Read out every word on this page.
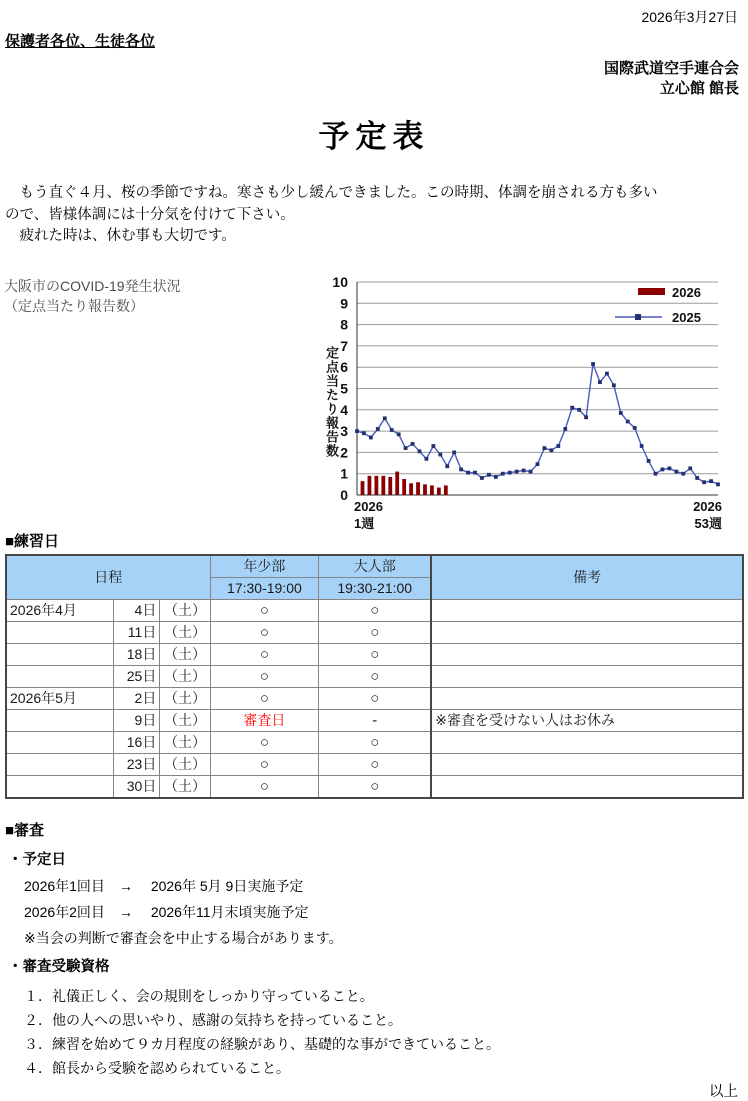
2026年3月27日
保護者各位、生徒各位
国際武道空手連合会
立心館 館長
予定表
　もう直ぐ４月、桜の季節ですね。寒さも少し緩んできました。この時期、体調を崩される方も多い
ので、皆様体調には十分気を付けて下さい。
　疲れた時は、休む事も大切です。
大阪市のCOVID-19発生状況
（定点当たり報告数）
定点当たり報告数
0
1
2
3
4
5
6
7
8
9
10
2026
1週
2026
53週
2026
2025
■練習日
日程			年少部	大人部	備考
			17:30-19:00	19:30-21:00	
2026年4月	4日	（土）	○	○	
	11日	（土）	○	○	
	18日	（土）	○	○	
	25日	（土）	○	○	
2026年5月	2日	（土）	○	○	
	9日	（土）	審査日	-	※審査を受けない人はお休み
	16日	（土）	○	○	
	23日	（土）	○	○	
	30日	（土）	○	○	
■審査
・予定日
2026年1回目　→　 2026年 5月 9日実施予定
2026年2回目　→　 2026年11月末頃実施予定
※当会の判断で審査会を中止する場合があります。
・審査受験資格
１．礼儀正しく、会の規則をしっかり守っていること。
２．他の人への思いやり、感謝の気持ちを持っていること。
３．練習を始めて９カ月程度の経験があり、基礎的な事ができていること。
４．館長から受験を認められていること。
以上
